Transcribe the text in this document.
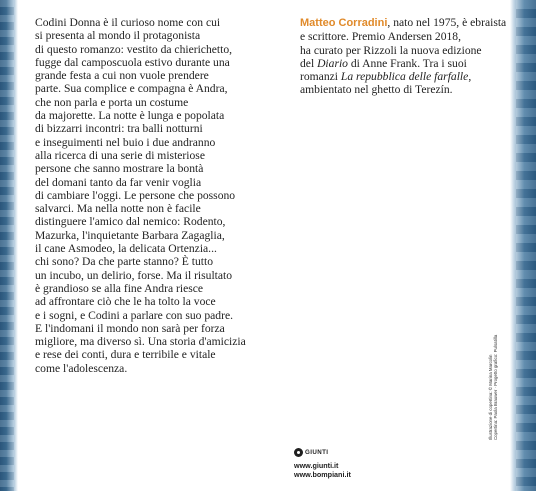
Codini Donna è il curioso nome con cui
si presenta al mondo il protagonista
di questo romanzo: vestito da chierichetto,
fugge dal camposcuola estivo durante una
grande festa a cui non vuole prendere
parte. Sua complice e compagna è Andra,
che non parla e porta un costume
da majorette. La notte è lunga e popolata
di bizzarri incontri: tra balli notturni
e inseguimenti nel buio i due andranno
alla ricerca di una serie di misteriose
persone che sanno mostrare la bontà
del domani tanto da far venir voglia
di cambiare l'oggi. Le persone che possono
salvarci. Ma nella notte non è facile
distinguere l'amico dal nemico: Rodento,
Mazurka, l'inquietante Barbara Zagaglia,
il cane Asmodeo, la delicata Ortenzia...
chi sono? Da che parte stanno? È tutto
un incubo, un delirio, forse. Ma il risultato
è grandioso se alla fine Andra riesce
ad affrontare ciò che le ha tolto la voce
e i sogni, e Codini a parlare con suo padre.
E l'indomani il mondo non sarà per forza
migliore, ma diverso sì. Una storia d'amicizia
e rese dei conti, dura e terribile e vitale
come l'adolescenza.

Matteo Corradini, nato nel 1975, è ebraista
e scrittore. Premio Andersen 2018,
ha curato per Rizzoli la nuova edizione
del Diario di Anne Frank. Tra i suoi
romanzi La repubblica delle farfalle,
ambientato nel ghetto di Terezín.

Illustrazione di copertina: © Marina Marcolin Copertina: Paola Brauwer · Progetto grafico: Pulsatilla
GIUNTI
www.giunti.it
www.bompiani.it
